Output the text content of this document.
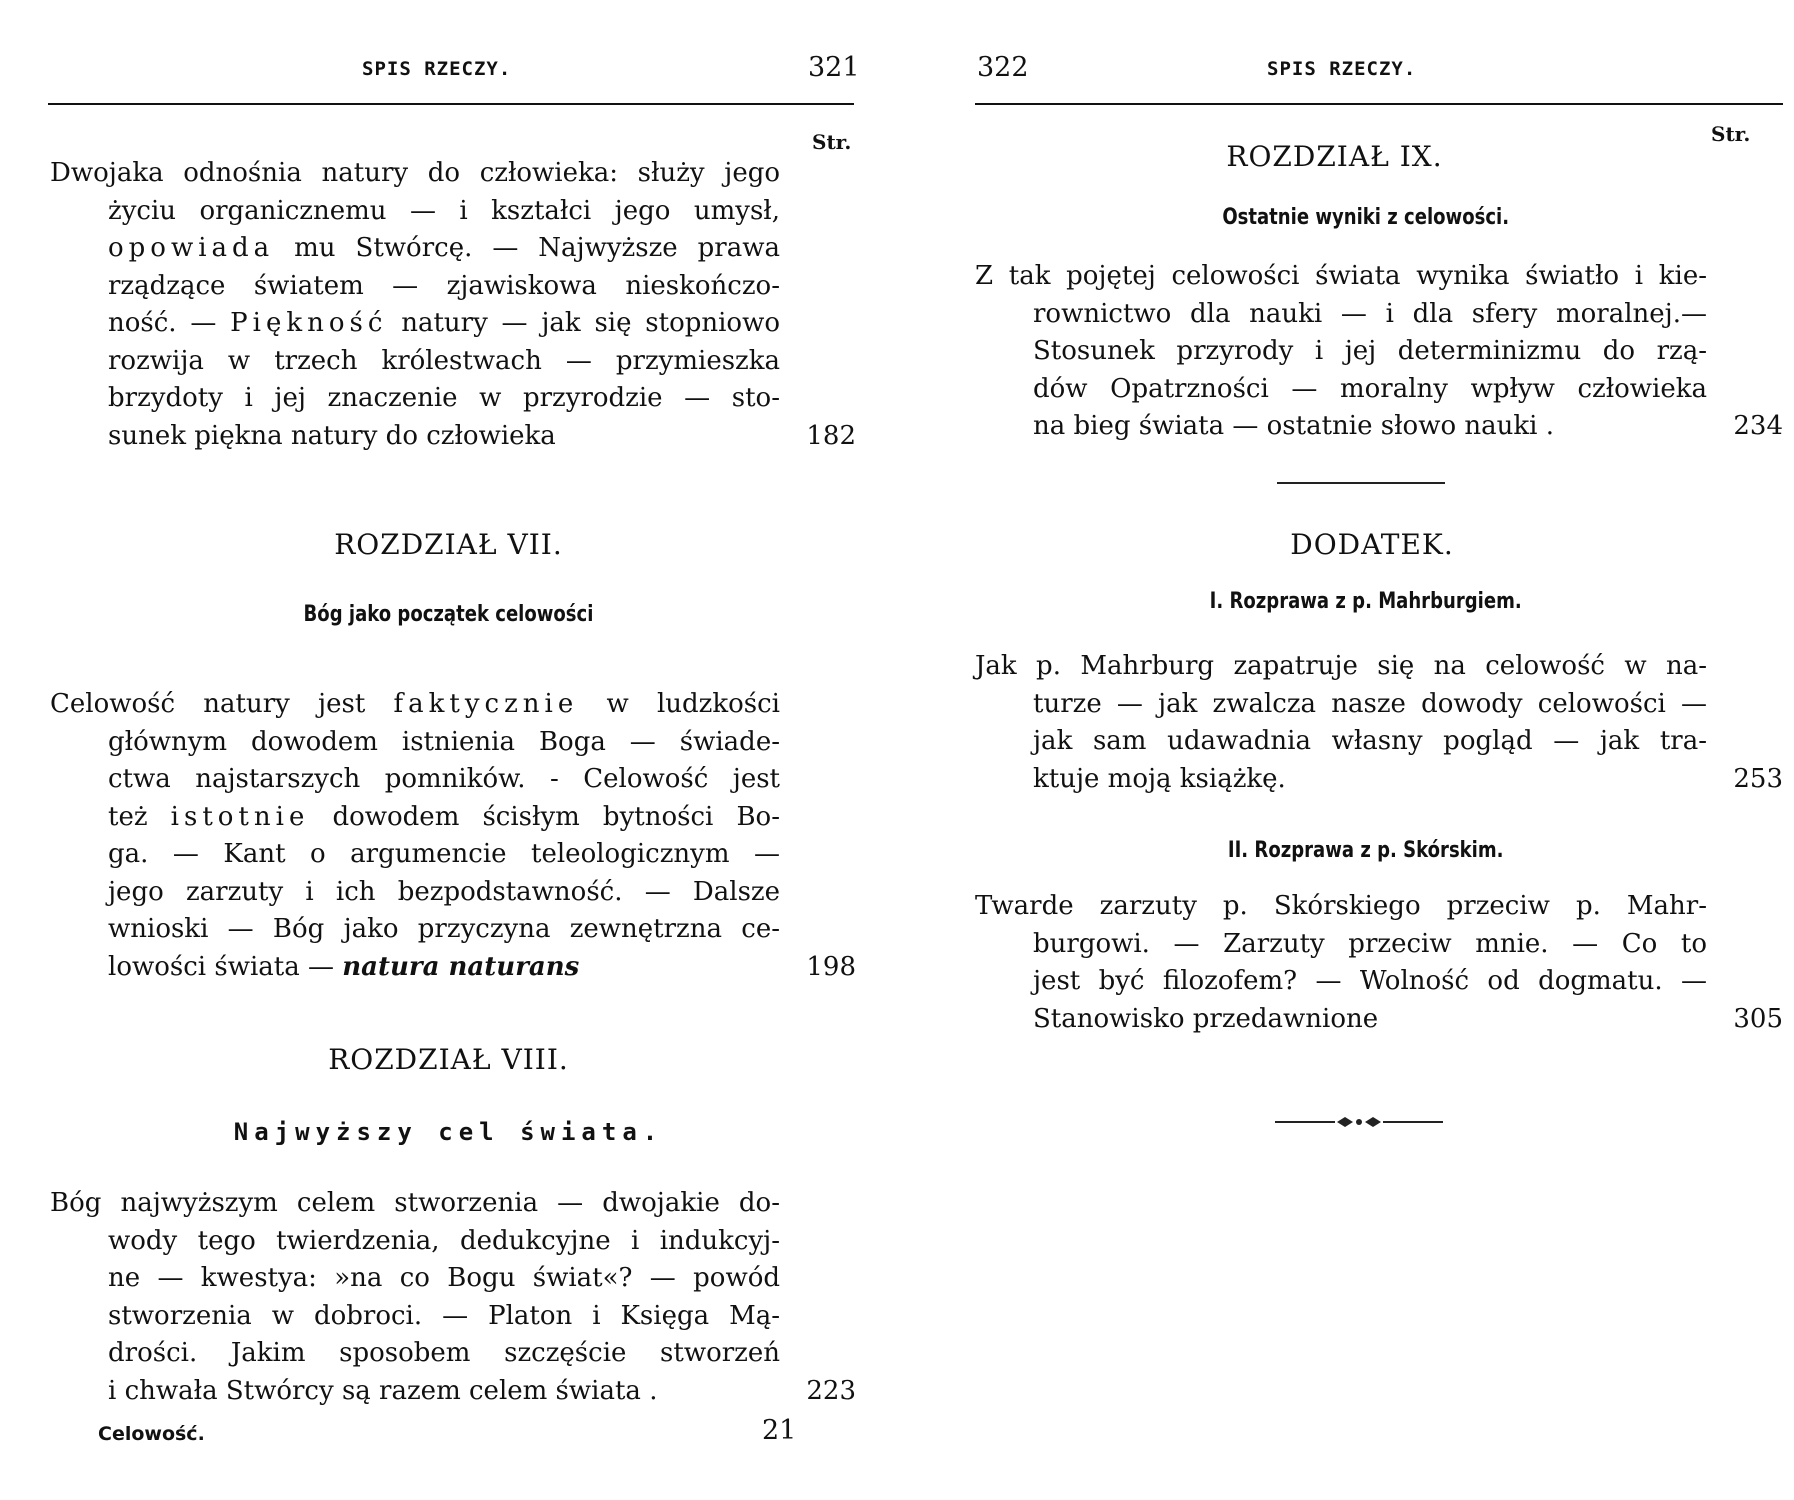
SPIS RZECZY.	321
Str.
Dwojaka odnośnia natury do człowieka: służy jego
życiu organicznemu — i kształci jego umysł,
opowiada mu Stwórcę. — Najwyższe prawa
rządzące światem — zjawiskowa nieskończo-
ność. — Piękność natury — jak się stopniowo
rozwija w trzech królestwach — przymieszka
brzydoty i jej znaczenie w przyrodzie — sto-
sunek piękna natury do człowieka	182
ROZDZIAŁ VII.
Bóg jako początek celowości
Celowość natury jest faktycznie w ludzkości
głównym dowodem istnienia Boga — świade-
ctwa najstarszych pomników. - Celowość jest
też istotnie dowodem ścisłym bytności Bo-
ga. — Kant o argumencie teleologicznym —
jego zarzuty i ich bezpodstawność. — Dalsze
wnioski — Bóg jako przyczyna zewnętrzna ce-
lowości świata — natura naturans	198
ROZDZIAŁ VIII.
Najwyższy cel świata.
Bóg najwyższym celem stworzenia — dwojakie do-
wody tego twierdzenia, dedukcyjne i indukcyj-
ne — kwestya: »na co Bogu świat«? — powód
stworzenia w dobroci. — Platon i Księga Mą-
drości. Jakim sposobem szczęście stworzeń
i chwała Stwórcy są razem celem świata .	223
Celowość.	21
322	SPIS RZECZY.
Str.
ROZDZIAŁ IX.
Ostatnie wyniki z celowości.
Z tak pojętej celowości świata wynika światło i kie-
rownictwo dla nauki — i dla sfery moralnej.—
Stosunek przyrody i jej determinizmu do rzą-
dów Opatrzności — moralny wpływ człowieka
na bieg świata — ostatnie słowo nauki .	234
DODATEK.
I. Rozprawa z p. Mahrburgiem.
Jak p. Mahrburg zapatruje się na celowość w na-
turze — jak zwalcza nasze dowody celowości —
jak sam udawadnia własny pogląd — jak tra-
ktuje moją książkę.	253
II. Rozprawa z p. Skórskim.
Twarde zarzuty p. Skórskiego przeciw p. Mahr-
burgowi. — Zarzuty przeciw mnie. — Co to
jest być filozofem? — Wolność od dogmatu. —
Stanowisko przedawnione	305
